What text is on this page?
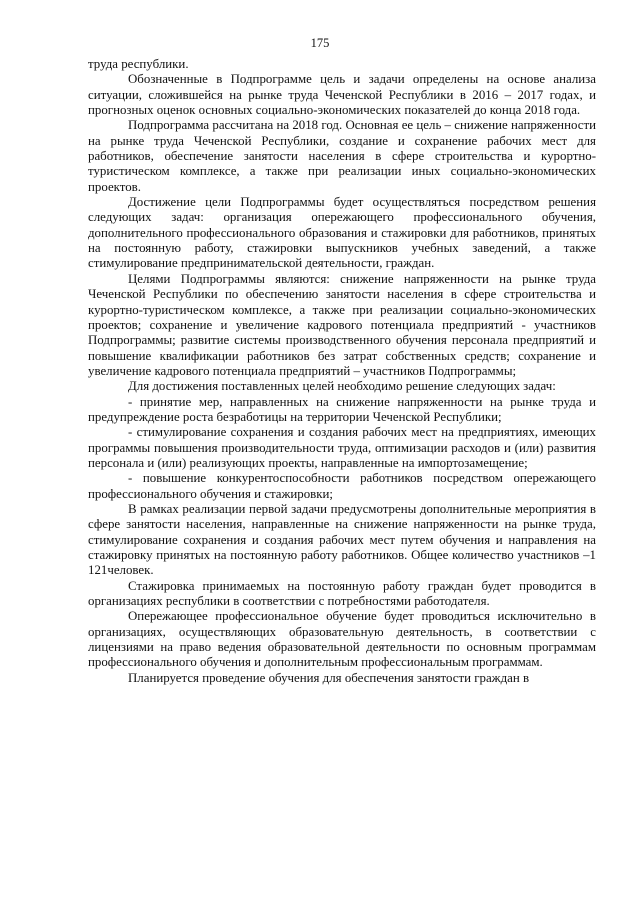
175

труда республики.

Обозначенные в Подпрограмме цель и задачи определены на основе анализа ситуации, сложившейся на рынке труда Чеченской Республики в 2016 – 2017 годах, и прогнозных оценок основных социально-экономических показателей до конца 2018 года.

Подпрограмма рассчитана на 2018 год. Основная ее цель – снижение напряженности на рынке труда Чеченской Республики, создание и сохранение рабочих мест для работников, обеспечение занятости населения в сфере строительства и курортно-туристическом комплексе, а также при реализации иных социально-экономических проектов.

Достижение цели Подпрограммы будет осуществляться посредством решения следующих задач: организация опережающего профессионального обучения, дополнительного профессионального образования и стажировки для работников, принятых на постоянную работу, стажировки выпускников учебных заведений, а также стимулирование предпринимательской деятельности, граждан.

Целями Подпрограммы являются: снижение напряженности на рынке труда Чеченской Республики по обеспечению занятости населения в сфере строительства и курортно-туристическом комплексе, а также при реализации социально-экономических проектов; сохранение и увеличение кадрового потенциала предприятий - участников Подпрограммы; развитие системы производственного обучения персонала предприятий и повышение квалификации работников без затрат собственных средств; сохранение и увеличение кадрового потенциала предприятий – участников Подпрограммы;

Для достижения поставленных целей необходимо решение следующих задач:

- принятие мер, направленных на снижение напряженности на рынке труда и предупреждение роста безработицы на территории Чеченской Республики;

- стимулирование сохранения и создания рабочих мест на предприятиях, имеющих программы повышения производительности труда, оптимизации расходов и (или) развития персонала и (или) реализующих проекты, направленные на импортозамещение;

- повышение конкурентоспособности работников посредством опережающего профессионального обучения и стажировки;

В рамках реализации первой задачи предусмотрены дополнительные мероприятия в сфере занятости населения, направленные на снижение напряженности на рынке труда, стимулирование сохранения и создания рабочих мест путем обучения и направления на стажировку принятых на постоянную работу работников. Общее количество участников –1 121человек.

Стажировка принимаемых на постоянную работу граждан будет проводится в организациях республики в соответствии с потребностями работодателя.

Опережающее профессиональное обучение будет проводиться исключительно в организациях, осуществляющих образовательную деятельность, в соответствии с лицензиями на право ведения образовательной деятельности по основным программам профессионального обучения и дополнительным профессиональным программам.

Планируется проведение обучения для обеспечения занятости граждан в
